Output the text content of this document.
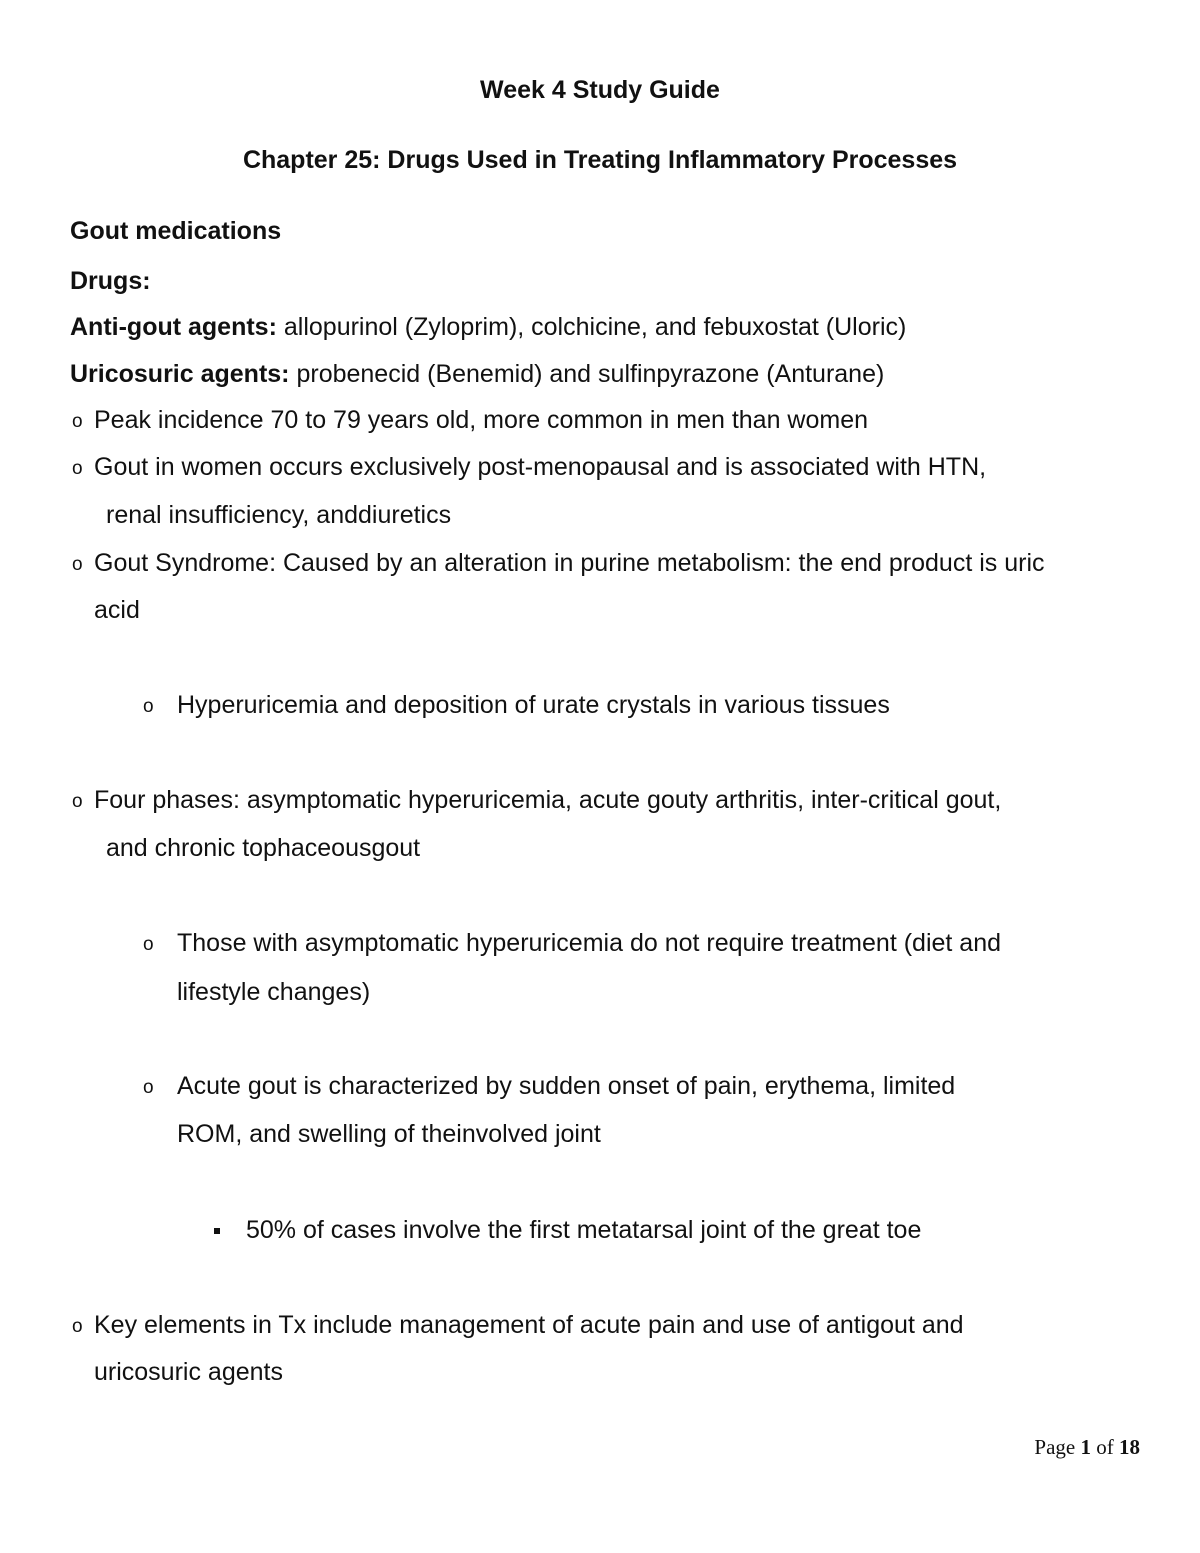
Week 4 Study Guide
Chapter 25: Drugs Used in Treating Inflammatory Processes
Gout medications
Drugs:
Anti-gout agents: allopurinol (Zyloprim), colchicine, and febuxostat (Uloric)
Uricosuric agents: probenecid (Benemid) and sulfinpyrazone (Anturane)
o Peak incidence 70 to 79 years old, more common in men than women
o Gout in women occurs exclusively post-menopausal and is associated with HTN,
renal insufficiency, anddiuretics
o Gout Syndrome: Caused by an alteration in purine metabolism: the end product is uric
acid
o Hyperuricemia and deposition of urate crystals in various tissues
o Four phases: asymptomatic hyperuricemia, acute gouty arthritis, inter-critical gout,
and chronic tophaceousgout
o Those with asymptomatic hyperuricemia do not require treatment (diet and
lifestyle changes)
o Acute gout is characterized by sudden onset of pain, erythema, limited
ROM, and swelling of theinvolved joint
50% of cases involve the first metatarsal joint of the great toe
o Key elements in Tx include management of acute pain and use of antigout and
uricosuric agents
Page 1 of 18
